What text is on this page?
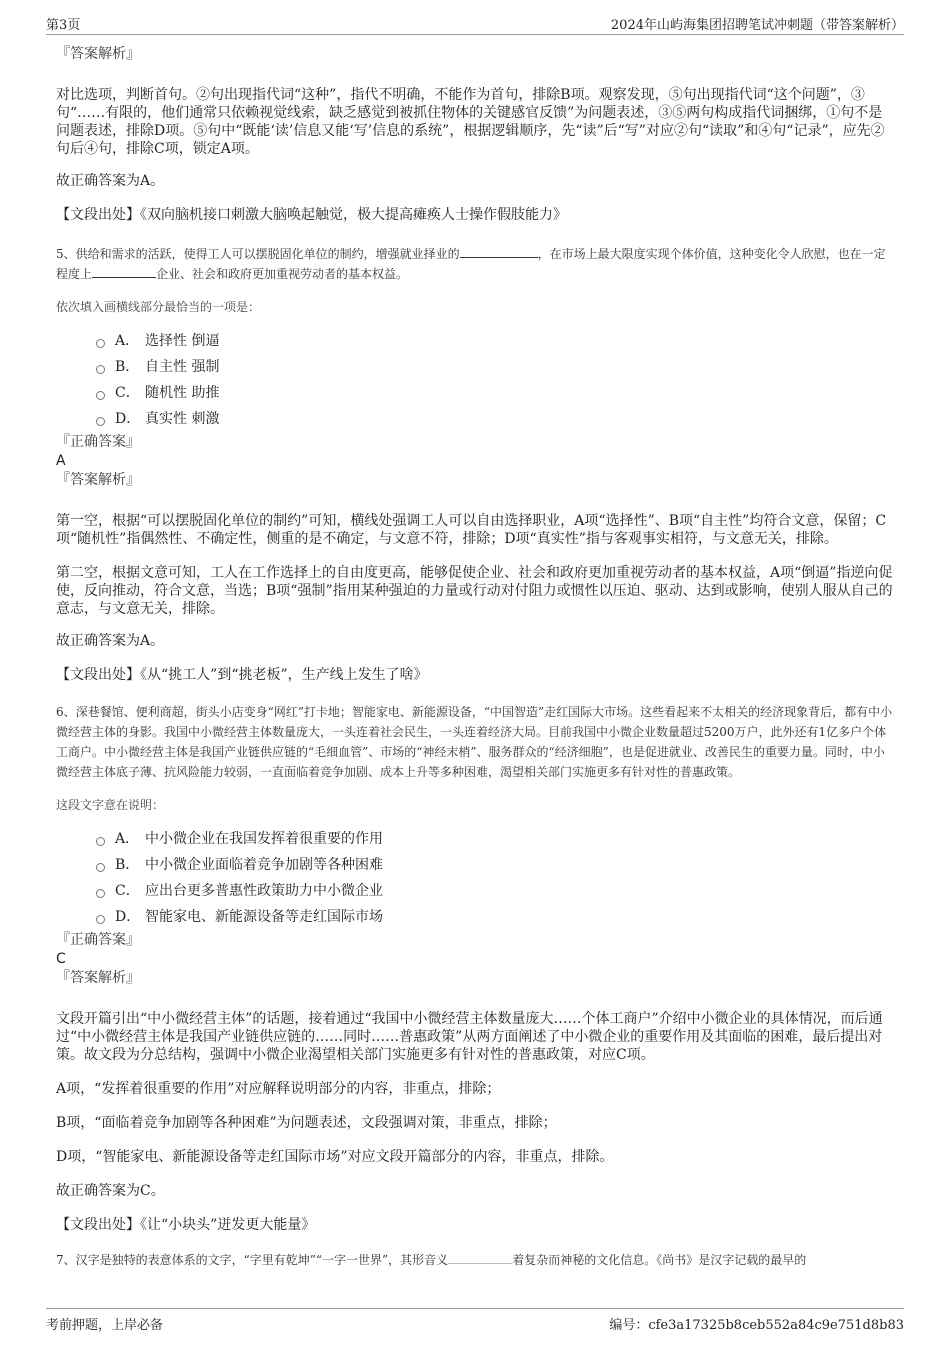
第3页	2024年山屿海集团招聘笔试冲刺题（带答案解析）

『答案解析』

对比选项，判断首句。②句出现指代词“这种”，指代不明确，不能作为首句，排除B项。观察发现，⑤句出现指代词“这个问题”，③句“……有限的，他们通常只依赖视觉线索，缺乏感觉到被抓住物体的关键感官反馈”为问题表述，③⑤两句构成指代词捆绑，①句不是问题表述，排除D项。⑤句中“既能‘读’信息又能‘写’信息的系统”，根据逻辑顺序，先“读”后“写”对应②句“读取”和④句“记录”，应先②句后④句，排除C项，锁定A项。

故正确答案为A。

【文段出处】《双向脑机接口刺激大脑唤起触觉，极大提高瘫痪人士操作假肢能力》

5、供给和需求的活跃，使得工人可以摆脱固化单位的制约，增强就业择业的	，在市场上最大限度实现个体价值，这种变化令人欣慰，也在一定程度上	企业、社会和政府更加重视劳动者的基本权益。

依次填入画横线部分最恰当的一项是：

A． 选择性 倒逼
B． 自主性 强制
C． 随机性 助推
D． 真实性 刺激

『正确答案』

A

『答案解析』

第一空，根据“可以摆脱固化单位的制约”可知，横线处强调工人可以自由选择职业，A项“选择性”、B项“自主性”均符合文意，保留；C项“随机性”指偶然性、不确定性，侧重的是不确定，与文意不符，排除；D项“真实性”指与客观事实相符，与文意无关，排除。

第二空，根据文意可知，工人在工作选择上的自由度更高，能够促使企业、社会和政府更加重视劳动者的基本权益，A项“倒逼”指逆向促使，反向推动，符合文意，当选；B项“强制”指用某种强迫的力量或行动对付阻力或惯性以压迫、驱动、达到或影响，使别人服从自己的意志，与文意无关，排除。

故正确答案为A。

【文段出处】《从“挑工人”到“挑老板”，生产线上发生了啥》

6、深巷餐馆、便利商超，街头小店变身“网红”打卡地；智能家电、新能源设备，“中国智造”走红国际大市场。这些看起来不太相关的经济现象背后，都有中小微经营主体的身影。我国中小微经营主体数量庞大，一头连着社会民生，一头连着经济大局。目前我国中小微企业数量超过5200万户，此外还有1亿多户个体工商户。中小微经营主体是我国产业链供应链的“毛细血管”、市场的“神经末梢”、服务群众的“经济细胞”，也是促进就业、改善民生的重要力量。同时，中小微经营主体底子薄、抗风险能力较弱，一直面临着竞争加剧、成本上升等多种困难，渴望相关部门实施更多有针对性的普惠政策。

这段文字意在说明：

A． 中小微企业在我国发挥着很重要的作用
B． 中小微企业面临着竞争加剧等各种困难
C． 应出台更多普惠性政策助力中小微企业
D． 智能家电、新能源设备等走红国际市场

『正确答案』

C

『答案解析』

文段开篇引出“中小微经营主体”的话题，接着通过“我国中小微经营主体数量庞大……个体工商户”介绍中小微企业的具体情况，而后通过“中小微经营主体是我国产业链供应链的……同时……普惠政策”从两方面阐述了中小微企业的重要作用及其面临的困难，最后提出对策。故文段为分总结构，强调中小微企业渴望相关部门实施更多有针对性的普惠政策，对应C项。

A项，“发挥着很重要的作用”对应解释说明部分的内容，非重点，排除；

B项，“面临着竞争加剧等各种困难”为问题表述，文段强调对策，非重点，排除；

D项，“智能家电、新能源设备等走红国际市场”对应文段开篇部分的内容，非重点，排除。

故正确答案为C。

【文段出处】《让“小块头”迸发更大能量》

7、汉字是独特的表意体系的文字，“字里有乾坤”“一字一世界”，其形音义	着复杂而神秘的文化信息。《尚书》是汉字记载的最早的

考前押题，上岸必备	编号：cfe3a17325b8ceb552a84c9e751d8b83
